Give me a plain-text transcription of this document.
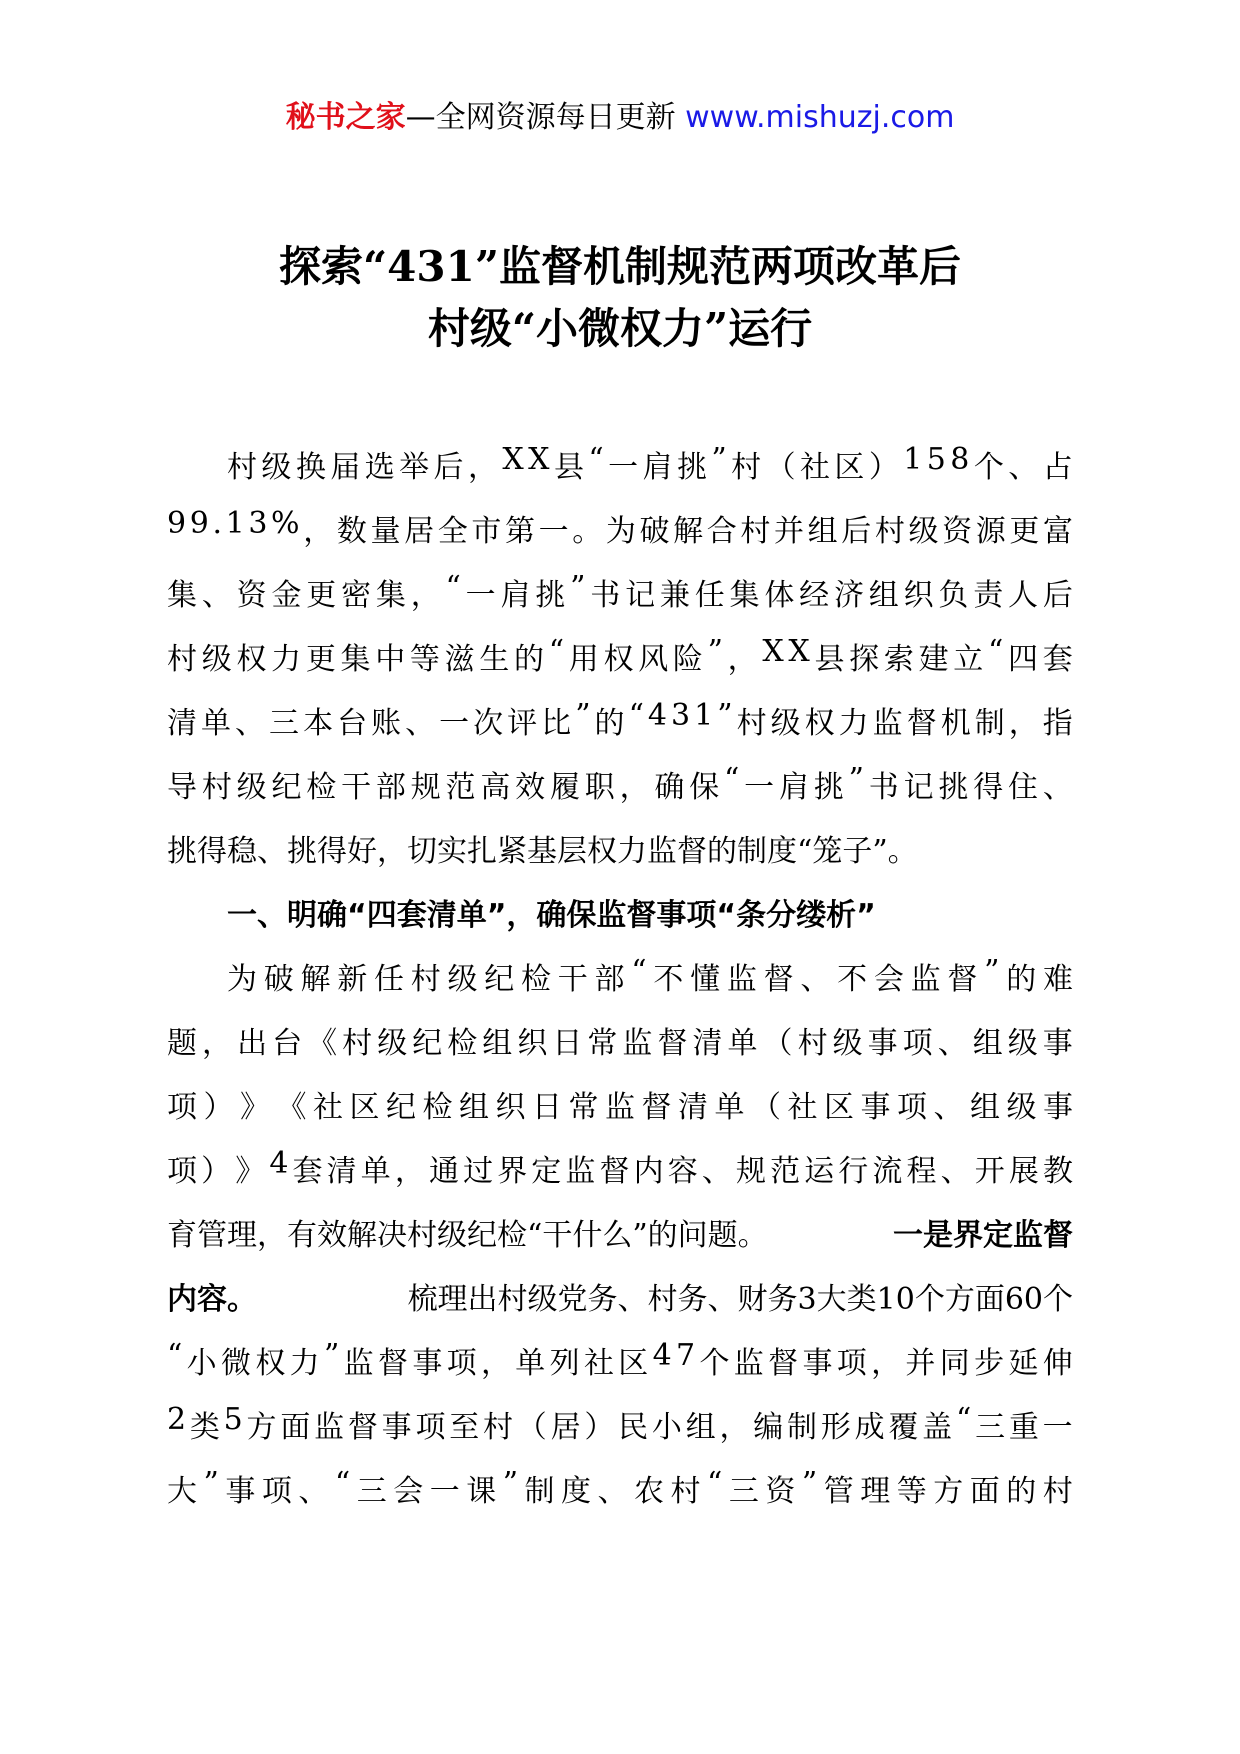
秘书之家—全网资源每日更新 www.mishuzj.com
探索“431”监督机制规范两项改革后
村级“小微权力”运行
村 级 换 届 选 举 后 ， X X 县 “ 一 肩 挑 ” 村 （ 社 区 ） 1 5 8 个 、 占
9 9 . 1 3 % ， 数 量 居 全 市 第 一 。 为 破 解 合 村 并 组 后 村 级 资 源 更 富
集 、 资 金 更 密 集 ， “ 一 肩 挑 ” 书 记 兼 任 集 体 经 济 组 织 负 责 人 后
村 级 权 力 更 集 中 等 滋 生 的 “ 用 权 风 险 ” ， X X 县 探 索 建 立 “ 四 套
清 单 、 三 本 台 账 、 一 次 评 比 ” 的 “ 4 3 1 ” 村 级 权 力 监 督 机 制 ， 指
导 村 级 纪 检 干 部 规 范 高 效 履 职 ， 确 保 “ 一 肩 挑 ” 书 记 挑 得 住 、
挑得稳、挑得好，切实扎紧基层权力监督的制度“笼子”。
一、明确“四套清单”，确保监督事项“条分缕析”
为 破 解 新 任 村 级 纪 检 干 部 “ 不 懂 监 督 、 不 会 监 督 ” 的 难
题 ， 出 台 《 村 级 纪 检 组 织 日 常 监 督 清 单 （ 村 级 事 项 、 组 级 事
项 ） 》 《 社 区 纪 检 组 织 日 常 监 督 清 单 （ 社 区 事 项 、 组 级 事
项 ） 》 4 套 清 单 ， 通 过 界 定 监 督 内 容 、 规 范 运 行 流 程 、 开 展 教
育管理，有效解决村级纪检“干什么”的问题。	一是界定监督
内容。	梳理出村级党务、村务、财务3大类10个方面60个
“ 小 微 权 力 ” 监 督 事 项 ， 单 列 社 区 4 7 个 监 督 事 项 ， 并 同 步 延 伸
2 类 5 方 面 监 督 事 项 至 村 （ 居 ） 民 小 组 ， 编 制 形 成 覆 盖 “ 三 重 一
大 ” 事 项 、 “ 三 会 一 课 ” 制 度 、 农 村 “ 三 资 ” 管 理 等 方 面 的 村
